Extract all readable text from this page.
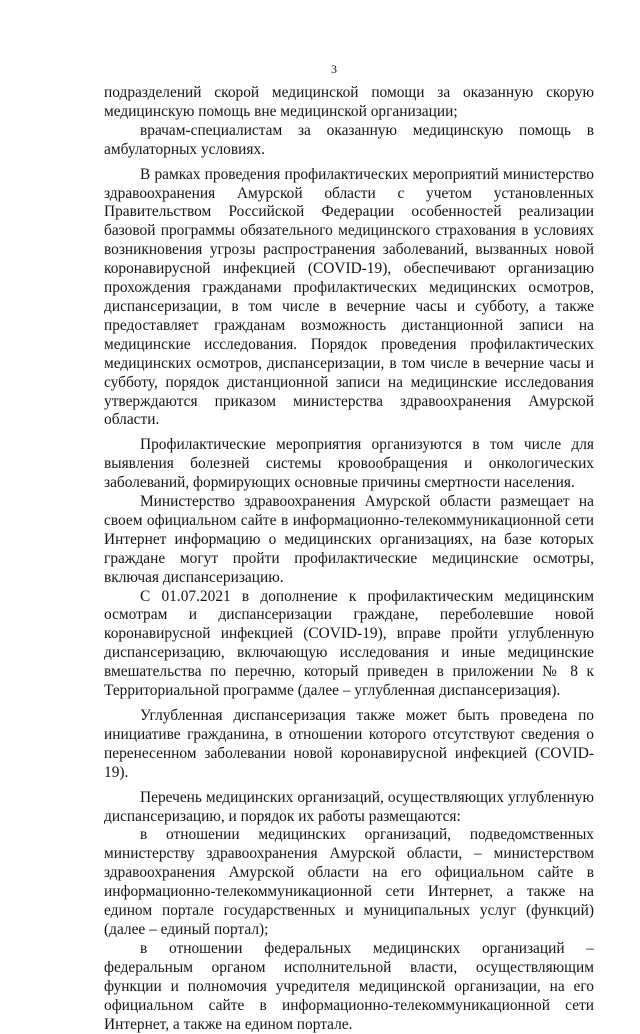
3

подразделений скорой медицинской помощи за оказанную скорую медицинскую помощь вне медицинской организации;

врачам-специалистам за оказанную медицинскую помощь в амбулаторных условиях.

В рамках проведения профилактических мероприятий министерство здравоохранения Амурской области с учетом установленных Правительством Российской Федерации особенностей реализации базовой программы обязательного медицинского страхования в условиях возникновения угрозы распространения заболеваний, вызванных новой коронавирусной инфекцией (COVID-19), обеспечивают организацию прохождения гражданами профилактических медицинских осмотров, диспансеризации, в том числе в вечерние часы и субботу, а также предоставляет гражданам возможность дистанционной записи на медицинские исследования. Порядок проведения профилактических медицинских осмотров, диспансеризации, в том числе в вечерние часы и субботу, порядок дистанционной записи на медицинские исследования утверждаются приказом министерства здравоохранения Амурской области.

Профилактические мероприятия организуются в том числе для выявления болезней системы кровообращения и онкологических заболеваний, формирующих основные причины смертности населения.

Министерство здравоохранения Амурской области размещает на своем официальном сайте в информационно-телекоммуникационной сети Интернет информацию о медицинских организациях, на базе которых граждане могут пройти профилактические медицинские осмотры, включая диспансеризацию.

С 01.07.2021 в дополнение к профилактическим медицинским осмотрам и диспансеризации граждане, переболевшие новой коронавирусной инфекцией (COVID-19), вправе пройти углубленную диспансеризацию, включающую исследования и иные медицинские вмешательства по перечню, который приведен в приложении № 8 к Территориальной программе (далее – углубленная диспансеризация).

Углубленная диспансеризация также может быть проведена по инициативе гражданина, в отношении которого отсутствуют сведения о перенесенном заболевании новой коронавирусной инфекцией (COVID-19).

Перечень медицинских организаций, осуществляющих углубленную диспансеризацию, и порядок их работы размещаются:

в отношении медицинских организаций, подведомственных министерству здравоохранения Амурской области, – министерством здравоохранения Амурской области на его официальном сайте в информационно-телекоммуникационной сети Интернет, а также на едином портале государственных и муниципальных услуг (функций) (далее – единый портал);

в отношении федеральных медицинских организаций – федеральным органом исполнительной власти, осуществляющим функции и полномочия учредителя медицинской организации, на его официальном сайте в информационно-телекоммуникационной сети Интернет, а также на едином портале.
